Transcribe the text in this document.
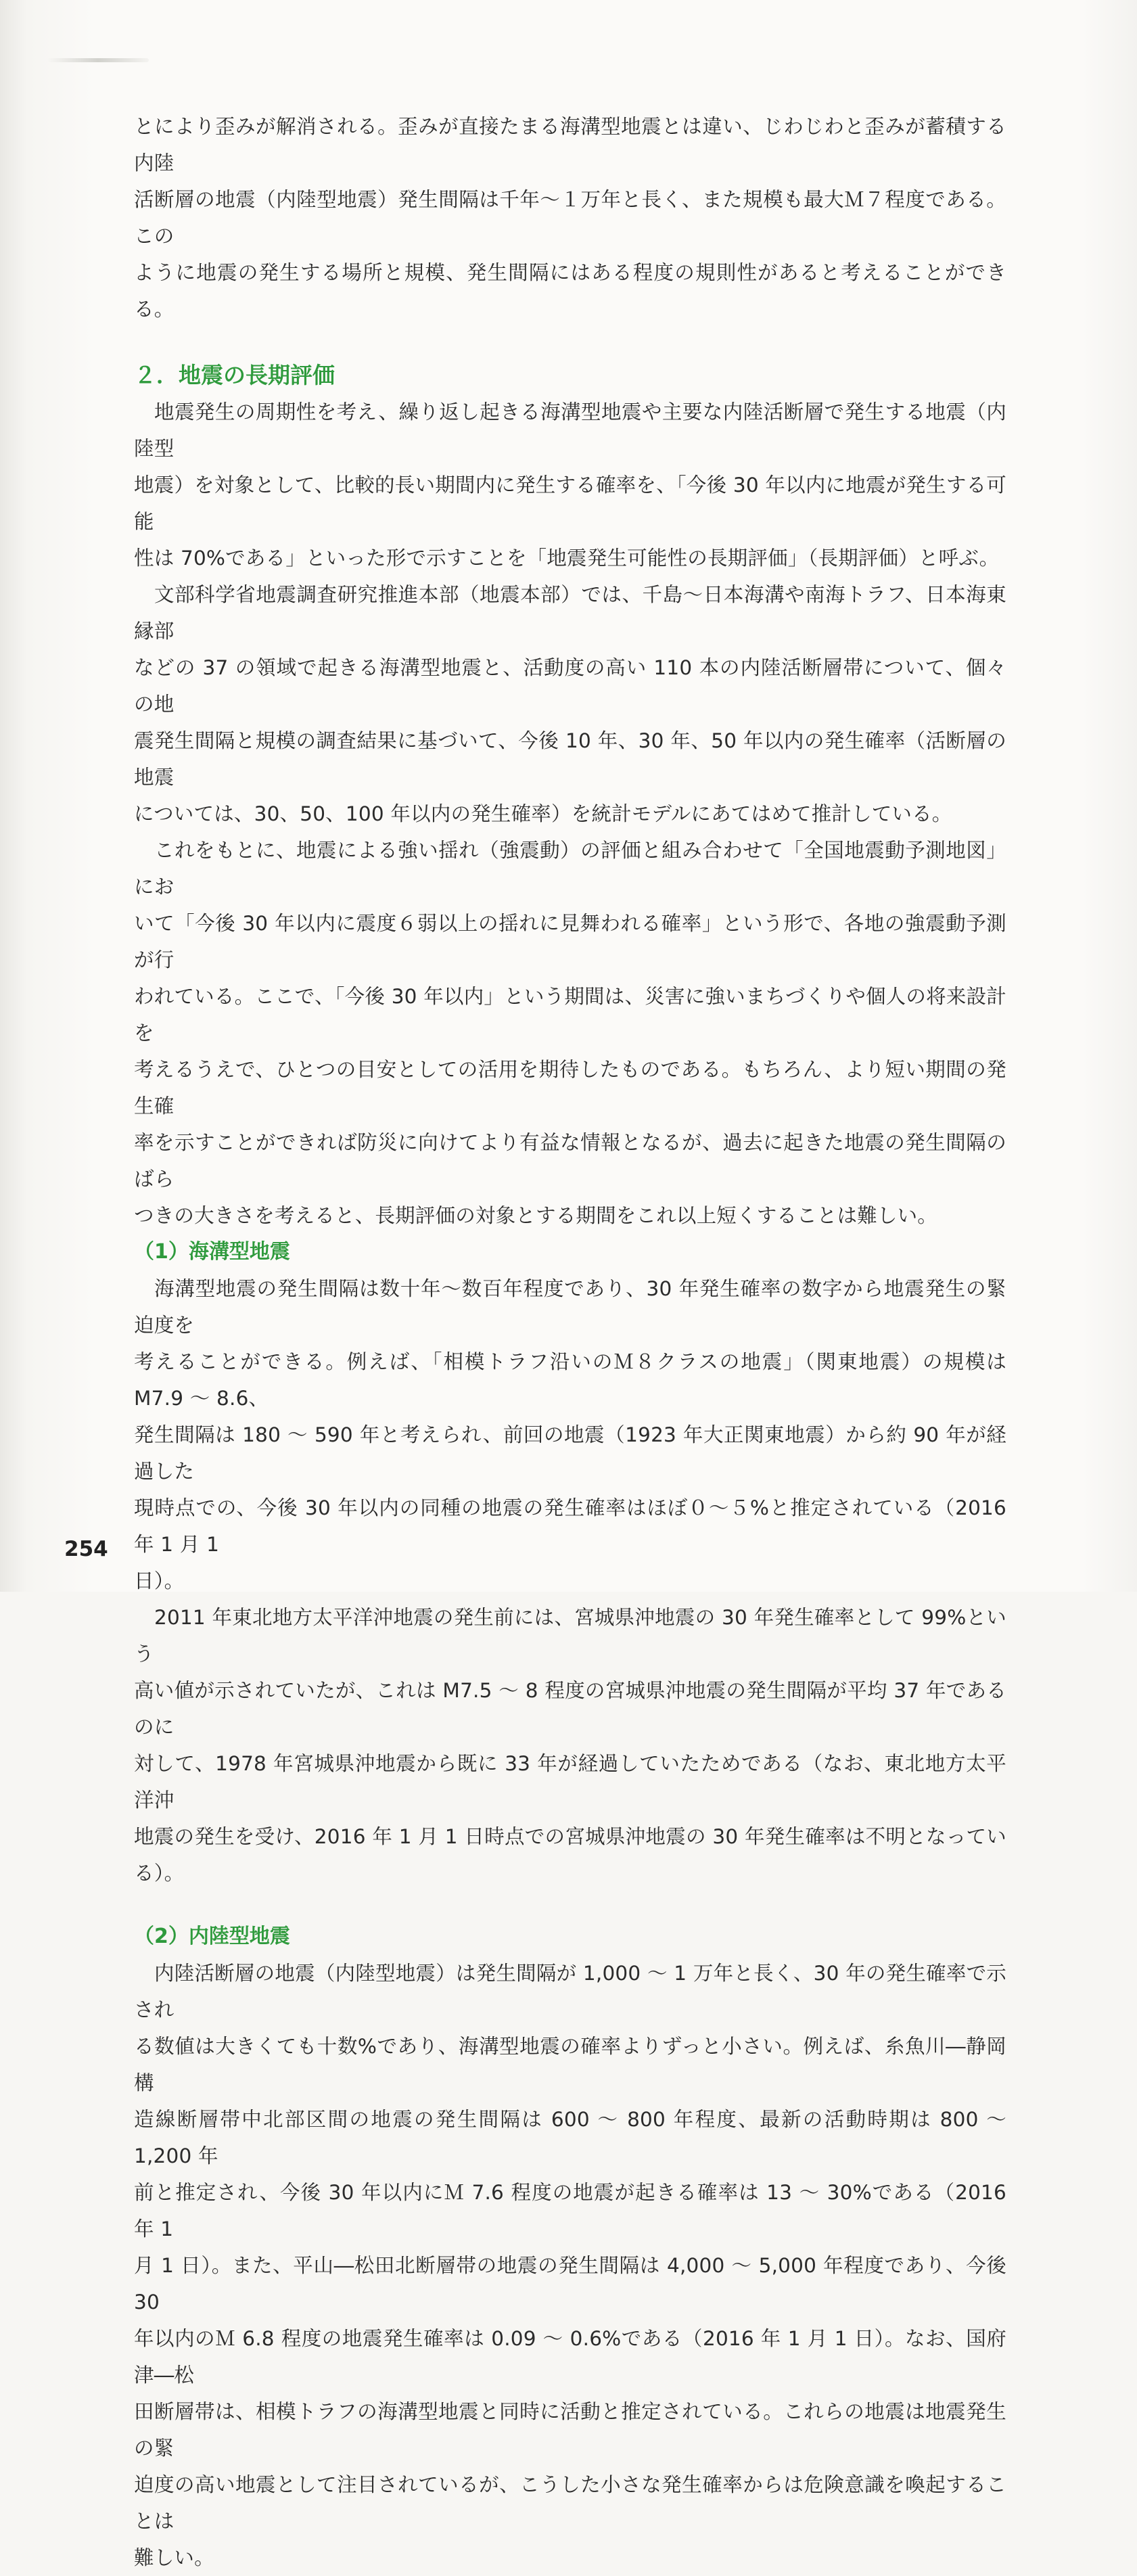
とにより歪みが解消される。歪みが直接たまる海溝型地震とは違い、じわじわと歪みが蓄積する内陸
活断層の地震（内陸型地震）発生間隔は千年～１万年と長く、また規模も最大Ｍ７程度である。この
ように地震の発生する場所と規模、発生間隔にはある程度の規則性があると考えることができる。

２．地震の長期評価

地震発生の周期性を考え、繰り返し起きる海溝型地震や主要な内陸活断層で発生する地震（内陸型
地震）を対象として、比較的長い期間内に発生する確率を、「今後 30 年以内に地震が発生する可能
性は 70%である」といった形で示すことを「地震発生可能性の長期評価」（長期評価）と呼ぶ。

文部科学省地震調査研究推進本部（地震本部）では、千島～日本海溝や南海トラフ、日本海東縁部
などの 37 の領域で起きる海溝型地震と、活動度の高い 110 本の内陸活断層帯について、個々の地
震発生間隔と規模の調査結果に基づいて、今後 10 年、30 年、50 年以内の発生確率（活断層の地震
については、30、50、100 年以内の発生確率）を統計モデルにあてはめて推計している。

これをもとに、地震による強い揺れ（強震動）の評価と組み合わせて「全国地震動予測地図」にお
いて「今後 30 年以内に震度６弱以上の揺れに見舞われる確率」という形で、各地の強震動予測が行
われている。ここで、「今後 30 年以内」という期間は、災害に強いまちづくりや個人の将来設計を
考えるうえで、ひとつの目安としての活用を期待したものである。もちろん、より短い期間の発生確
率を示すことができれば防災に向けてより有益な情報となるが、過去に起きた地震の発生間隔のばら
つきの大きさを考えると、長期評価の対象とする期間をこれ以上短くすることは難しい。

（1）海溝型地震

海溝型地震の発生間隔は数十年～数百年程度であり、30 年発生確率の数字から地震発生の緊迫度を
考えることができる。例えば、「相模トラフ沿いのＭ８クラスの地震」（関東地震）の規模は M7.9 ～ 8.6、
発生間隔は 180 ～ 590 年と考えられ、前回の地震（1923 年大正関東地震）から約 90 年が経過した
現時点での、今後 30 年以内の同種の地震の発生確率はほぼ０～５%と推定されている（2016 年 1 月 1
日）。

2011 年東北地方太平洋沖地震の発生前には、宮城県沖地震の 30 年発生確率として 99%という
高い値が示されていたが、これは M7.5 ～ 8 程度の宮城県沖地震の発生間隔が平均 37 年であるのに
対して、1978 年宮城県沖地震から既に 33 年が経過していたためである（なお、東北地方太平洋沖
地震の発生を受け、2016 年 1 月 1 日時点での宮城県沖地震の 30 年発生確率は不明となっている）。

（2）内陸型地震

内陸活断層の地震（内陸型地震）は発生間隔が 1,000 ～ 1 万年と長く、30 年の発生確率で示され
る数値は大きくても十数%であり、海溝型地震の確率よりずっと小さい。例えば、糸魚川―静岡構
造線断層帯中北部区間の地震の発生間隔は 600 ～ 800 年程度、最新の活動時期は 800 ～ 1,200 年
前と推定され、今後 30 年以内にＭ 7.6 程度の地震が起きる確率は 13 ～ 30%である（2016 年 1
月 1 日）。また、平山―松田北断層帯の地震の発生間隔は 4,000 ～ 5,000 年程度であり、今後 30
年以内のＭ 6.8 程度の地震発生確率は 0.09 ～ 0.6%である（2016 年 1 月 1 日）。なお、国府津―松
田断層帯は、相模トラフの海溝型地震と同時に活動と推定されている。これらの地震は地震発生の緊
迫度の高い地震として注目されているが、こうした小さな発生確率からは危険意識を喚起することは
難しい。

254
